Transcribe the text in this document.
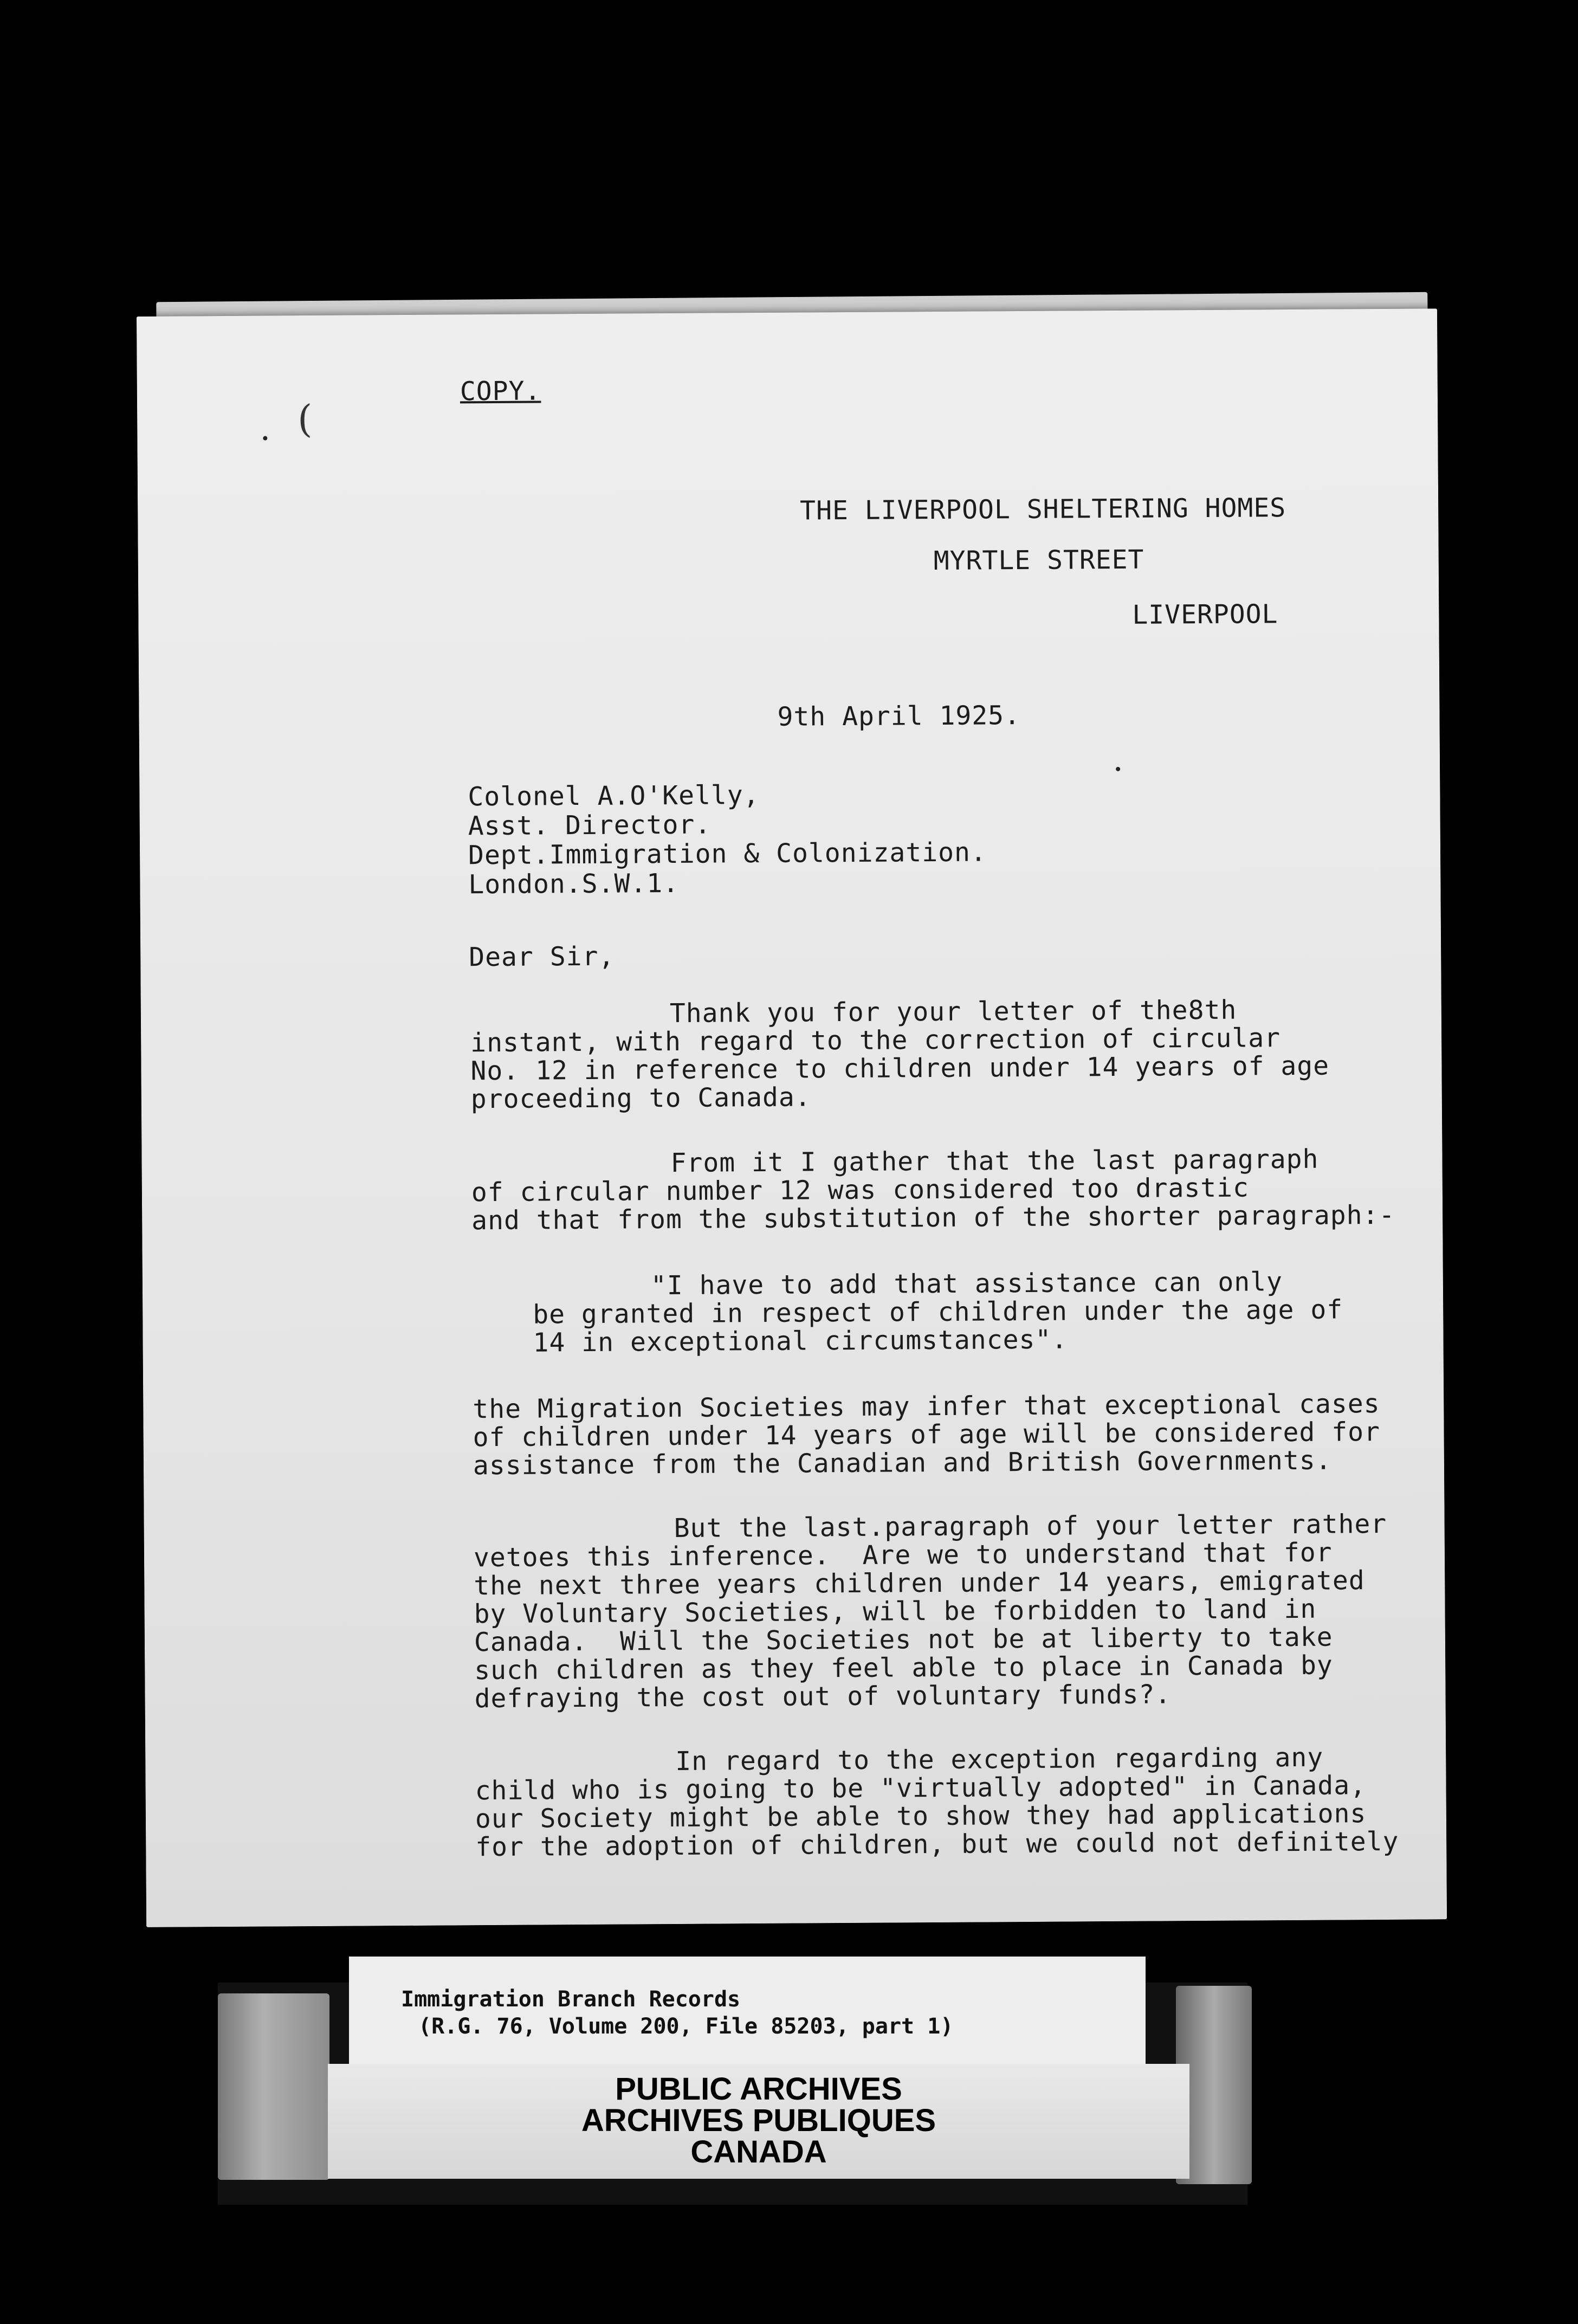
(
COPY.
THE LIVERPOOL SHELTERING HOMES
MYRTLE STREET
LIVERPOOL
9th April 1925.
Colonel A.O'Kelly,
Asst. Director.
Dept.Immigration & Colonization.
London.S.W.1.
Dear Sir,
Thank you for your letter of the8th
instant, with regard to the correction of circular
No. 12 in reference to children under 14 years of age
proceeding to Canada.
From it I gather that the last paragraph
of circular number 12 was considered too drastic
and that from the substitution of the shorter paragraph:-
"I have to add that assistance can only
be granted in respect of children under the age of
14 in exceptional circumstances".
the Migration Societies may infer that exceptional cases
of children under 14 years of age will be considered for
assistance from the Canadian and British Governments.
But the last.paragraph of your letter rather
vetoes this inference.  Are we to understand that for
the next three years children under 14 years, emigrated
by Voluntary Societies, will be forbidden to land in
Canada.  Will the Societies not be at liberty to take
such children as they feel able to place in Canada by
defraying the cost out of voluntary funds?.
In regard to the exception regarding any
child who is going to be "virtually adopted" in Canada,
our Society might be able to show they had applications
for the adoption of children, but we could not definitely
Immigration Branch Records
(R.G. 76, Volume 200, File 85203, part 1)
PUBLIC ARCHIVES
ARCHIVES PUBLIQUES
CANADA
